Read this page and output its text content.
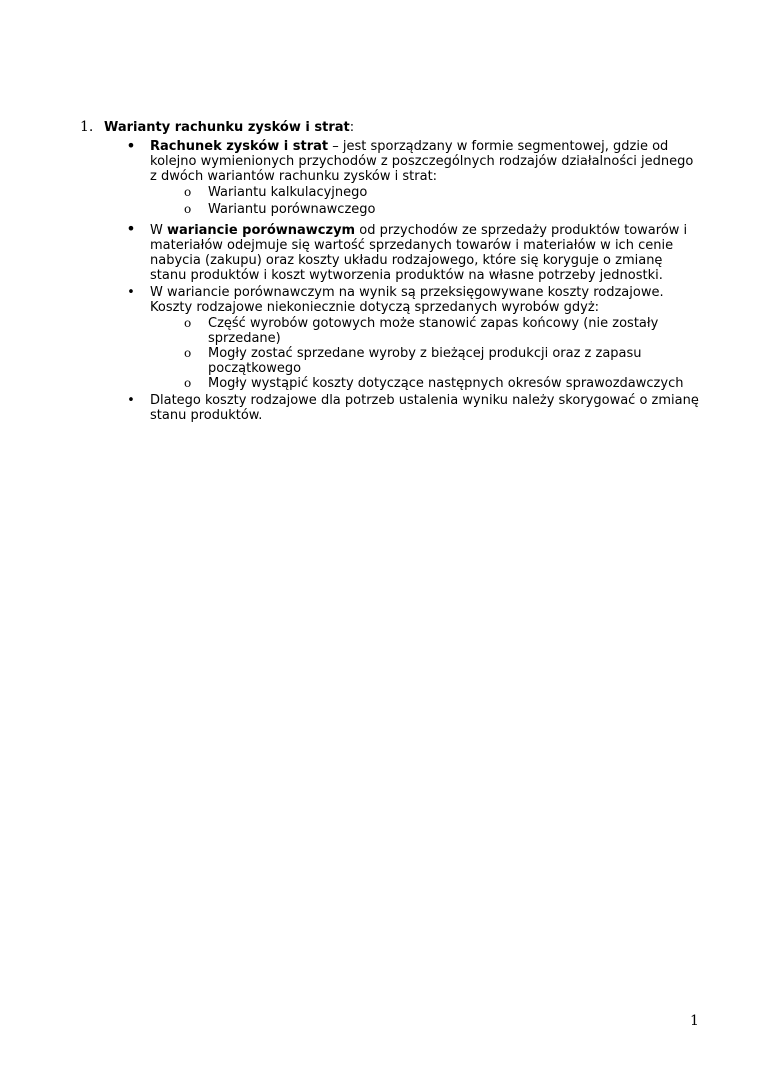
1. Warianty rachunku zysków i strat:
• Rachunek zysków i strat – jest sporządzany w formie segmentowej, gdzie od kolejno wymienionych przychodów z poszczególnych rodzajów działalności jednego z dwóch wariantów rachunku zysków i strat:
o Wariantu kalkulacyjnego
o Wariantu porównawczego
• W wariancie porównawczym od przychodów ze sprzedaży produktów towarów i materiałów odejmuje się wartość sprzedanych towarów i materiałów w ich cenie nabycia (zakupu) oraz koszty układu rodzajowego, które się koryguje o zmianę stanu produktów i koszt wytworzenia produktów na własne potrzeby jednostki.
• W wariancie porównawczym na wynik są przeksięgowywane koszty rodzajowe. Koszty rodzajowe niekoniecznie dotyczą sprzedanych wyrobów gdyż:
o Część wyrobów gotowych może stanowić zapas końcowy (nie zostały sprzedane)
o Mogły zostać sprzedane wyroby z bieżącej produkcji oraz z zapasu początkowego
o Mogły wystąpić koszty dotyczące następnych okresów sprawozdawczych
• Dlatego koszty rodzajowe dla potrzeb ustalenia wyniku należy skorygować o zmianę stanu produktów.
1
